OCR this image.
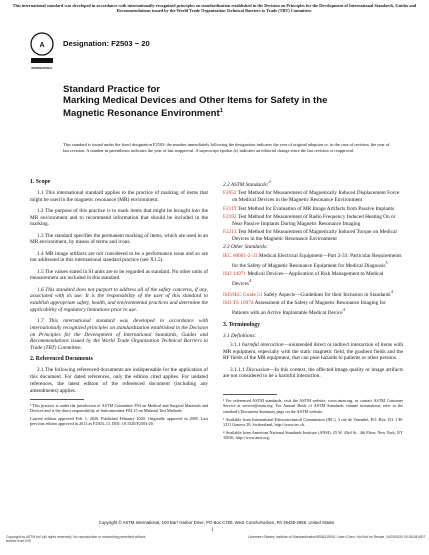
This international standard was developed in accordance with internationally recognized principles on standardization established in the Decision on Principles for the Development of International Standards, Guides and Recommendations issued by the World Trade Organization Technical Barriers to Trade (TBT) Committee.

A
INTERNATIONAL
Designation: F2503 − 20
Standard Practice for
Marking Medical Devices and Other Items for Safety in the
Magnetic Resonance Environment$^1$
This standard is issued under the fixed designation F2503; the number immediately following the designation indicates the year of original adoption or, in the case of revision, the year of last revision. A number in parentheses indicates the year of last reapproval. A superscript epsilon (ε) indicates an editorial change since the last revision or reapproval.
1. Scope
1.1 This international standard applies to the practice of marking of items that might be used in the magnetic resonance (MR) environment.
1.2 The purpose of this practice is to mark items that might be brought into the MR environment and to recommend information that should be included in the marking.
1.3 The standard specifies the permanent marking of items, which are used in an MR environment, by means of terms and icons.
1.4 MR image artifacts are not considered to be a performance issue and so are not addressed in this international standard practice (see X1.5).
1.5 The values stated in SI units are to be regarded as standard. No other units of measurement are included in this standard.
1.6 This standard does not purport to address all of the safety concerns, if any, associated with its use. It is the responsibility of the user of this standard to establish appropriate safety, health, and environmental practices and determine the applicability of regulatory limitations prior to use.
1.7 This international standard was developed in accordance with internationally recognized principles on standardization established in the Decision on Principles for the Development of International Standards, Guides and Recommendations issued by the World Trade Organization Technical Barriers to Trade (TBT) Committee.
2. Referenced Documents
2.1 The following referenced documents are indispensable for the application of this document. For dated references, only the edition cited applies. For undated references, the latest edition of the referenced document (including any amendments) applies.
¹ This practice is under the jurisdiction of ASTM Committee F04 on Medical and Surgical Materials and Devices and is the direct responsibility of Subcommittee F04.15 on Material Test Methods.
Current edition approved Feb. 1, 2020. Published February 2020. Originally approved in 2005. Last previous edition approved in 2013 as F2503–13. DOI: 10.1520/F2503-20.
2.2 ASTM Standards:$^2$
F2052 Test Method for Measurement of Magnetically Induced Displacement Force on Medical Devices in the Magnetic Resonance Environment
F2119 Test Method for Evaluation of MR Image Artifacts from Passive Implants
F2182 Test Method for Measurement of Radio Frequency Induced Heating On or Near Passive Implants During Magnetic Resonance Imaging
F2213 Test Method for Measurement of Magnetically Induced Torque on Medical Devices in the Magnetic Resonance Environment
2.3 Other Standards:
IEC 60601-2-33 Medical Electrical Equipment—Part 2-33: Particular Requirements for the Safety of Magnetic Resonance Equipment for Medical Diagnosis$^3$
ISO 14971 Medical Devices—Application of Risk Management to Medical Devices$^4$
ISO/IEC Guide 51 Safety Aspects—Guidelines for their Inclusion in Standards$^4$
ISO TS 10974 Assessment of the Safety of Magnetic Resonance Imaging for Patients with an Active Implantable Medical Device$^4$
3. Terminology
3.1 Definitions:
3.1.1 harmful interaction—unintended direct or indirect interaction of items with MR equipment, especially with the static magnetic field, the gradient fields and the RF fields of the MR equipment, that can pose hazards to patients or other persons.
3.1.1.1 Discussion—In this context, the affected image quality or image artifacts are not considered to be a harmful interaction.
² For referenced ASTM standards, visit the ASTM website, www.astm.org, or contact ASTM Customer Service at service@astm.org. For Annual Book of ASTM Standards volume information, refer to the standard's Document Summary page on the ASTM website.
³ Available from International Electrotechnical Commission (IEC), 3 rue de Varembé, P.O. Box 131, CH-1211 Geneva 20, Switzerland, http://www.iec.ch.
⁴ Available from American National Standards Institute (ANSI), 25 W. 43rd St., 4th Floor, New York, NY 10036, http://www.ansi.org.
1
Copyright © ASTM International, 100 Barr Harbor Drive, PO Box C700, West Conshohocken, PA 19428-2959. United States
Copyright by ASTM Int'l (all rights reserved); No reproduction or networking permitted without license from IHS
Licensee=Stanley Institute of Standardization/5038115001, User=Chen, Hui Not for Resale, 04/20/2020 00:38:38 MDT
